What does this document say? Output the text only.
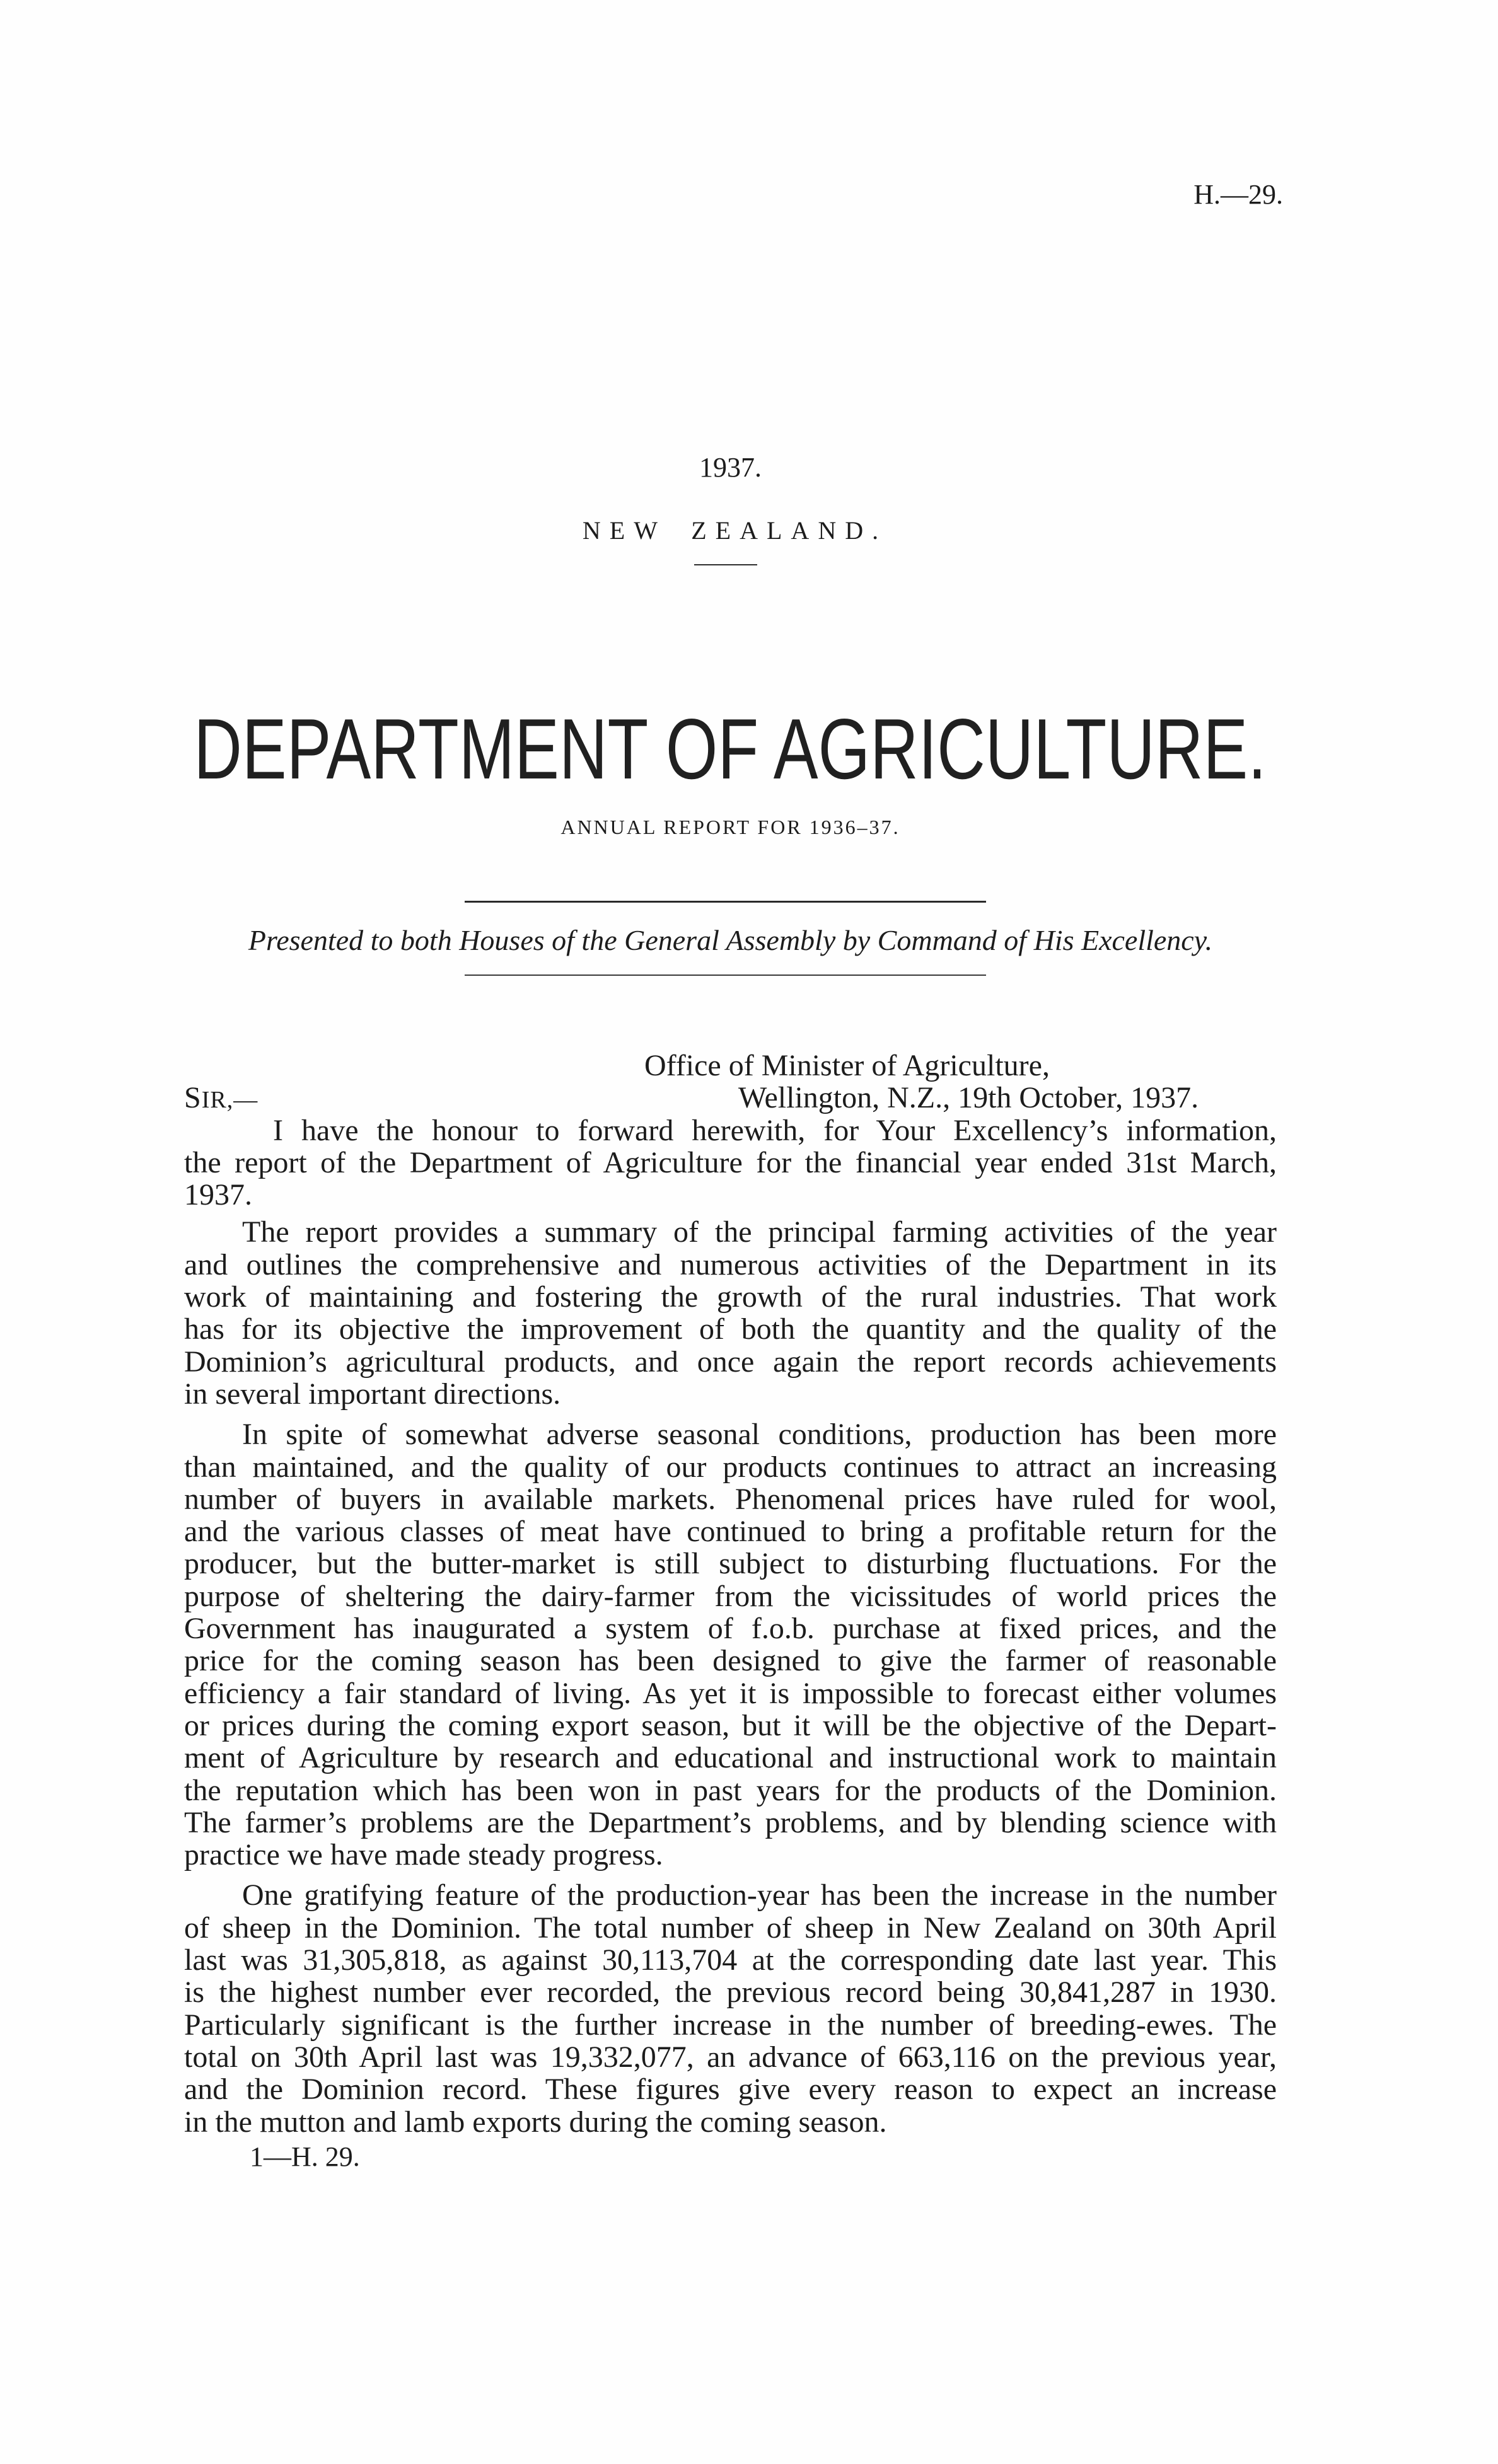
H.—29.
1937.
NEW ZEALAND.
DEPARTMENT OF AGRICULTURE.
ANNUAL REPORT FOR 1936–37.
Presented to both Houses of the General Assembly by Command of His Excellency.
Office of Minister of Agriculture,
SIR,—	Wellington, N.Z., 19th October, 1937.
I have the honour to forward herewith, for Your Excellency’s information,
the report of the Department of Agriculture for the financial year ended 31st March,
1937.
The report provides a summary of the principal farming activities of the year
and outlines the comprehensive and numerous activities of the Department in its
work of maintaining and fostering the growth of the rural industries. That work
has for its objective the improvement of both the quantity and the quality of the
Dominion’s agricultural products, and once again the report records achievements
in several important directions.
In spite of somewhat adverse seasonal conditions, production has been more
than maintained, and the quality of our products continues to attract an increasing
number of buyers in available markets. Phenomenal prices have ruled for wool,
and the various classes of meat have continued to bring a profitable return for the
producer, but the butter-market is still subject to disturbing fluctuations. For the
purpose of sheltering the dairy-farmer from the vicissitudes of world prices the
Government has inaugurated a system of f.o.b. purchase at fixed prices, and the
price for the coming season has been designed to give the farmer of reasonable
efficiency a fair standard of living. As yet it is impossible to forecast either volumes
or prices during the coming export season, but it will be the objective of the Depart-
ment of Agriculture by research and educational and instructional work to maintain
the reputation which has been won in past years for the products of the Dominion.
The farmer’s problems are the Department’s problems, and by blending science with
practice we have made steady progress.
One gratifying feature of the production-year has been the increase in the number
of sheep in the Dominion. The total number of sheep in New Zealand on 30th April
last was 31,305,818, as against 30,113,704 at the corresponding date last year. This
is the highest number ever recorded, the previous record being 30,841,287 in 1930.
Particularly significant is the further increase in the number of breeding-ewes. The
total on 30th April last was 19,332,077, an advance of 663,116 on the previous year,
and the Dominion record. These figures give every reason to expect an increase
in the mutton and lamb exports during the coming season.
1—H. 29.
